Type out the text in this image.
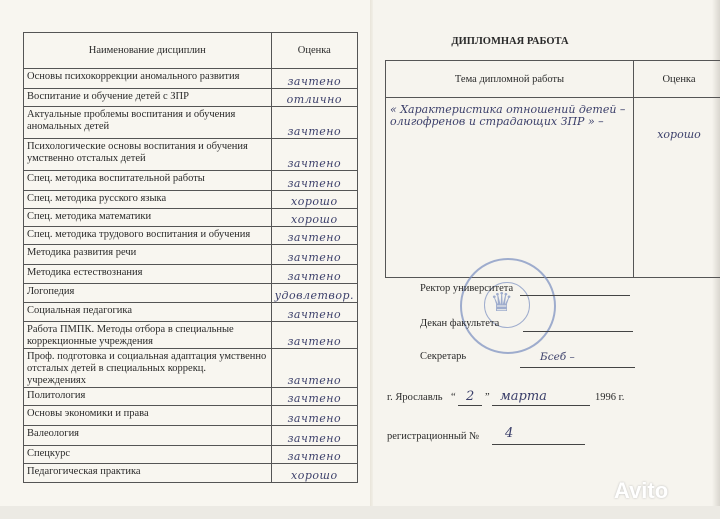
Наименование дисциплин	Оценка
Основы психокоррекции аномального развития	зачтено
Воспитание и обучение детей с ЗПР	отлично
Актуальные проблемы воспитания и обучения аномальных детей	зачтено
Психологические основы воспитания и обучения умственно отсталых детей	зачтено
Спец. методика воспитательной работы	зачтено
Спец. методика русского языка	хорошо
Спец. методика математики	хорошо
Спец. методика трудового воспитания и обучения	зачтено
Методика развития речи	зачтено
Методика естествознания	зачтено
Логопедия	удовлетвор.
Социальная педагогика	зачтено
Работа ПМПК. Методы отбора в специальные коррекционные учреждения	зачтено
Проф. подготовка и социальная адаптация умственно отсталых детей в специальных коррекц. учреждениях	зачтено
Политология	зачтено
Основы экономики и права	зачтено
Валеология	зачтено
Спецкурс	зачтено
Педагогическая практика	хорошо
ДИПЛОМНАЯ РАБОТА
Тема дипломной работы	Оценка
« Характеристика отношений детей – олигофренов и страдающих ЗПР » –	хорошо
♛
Ректор университета
Декан факультета
Секретарь	Бсеб –
г. Ярославль “ 2 ” марта	1996 г.
регистрационный № 4
Avito
